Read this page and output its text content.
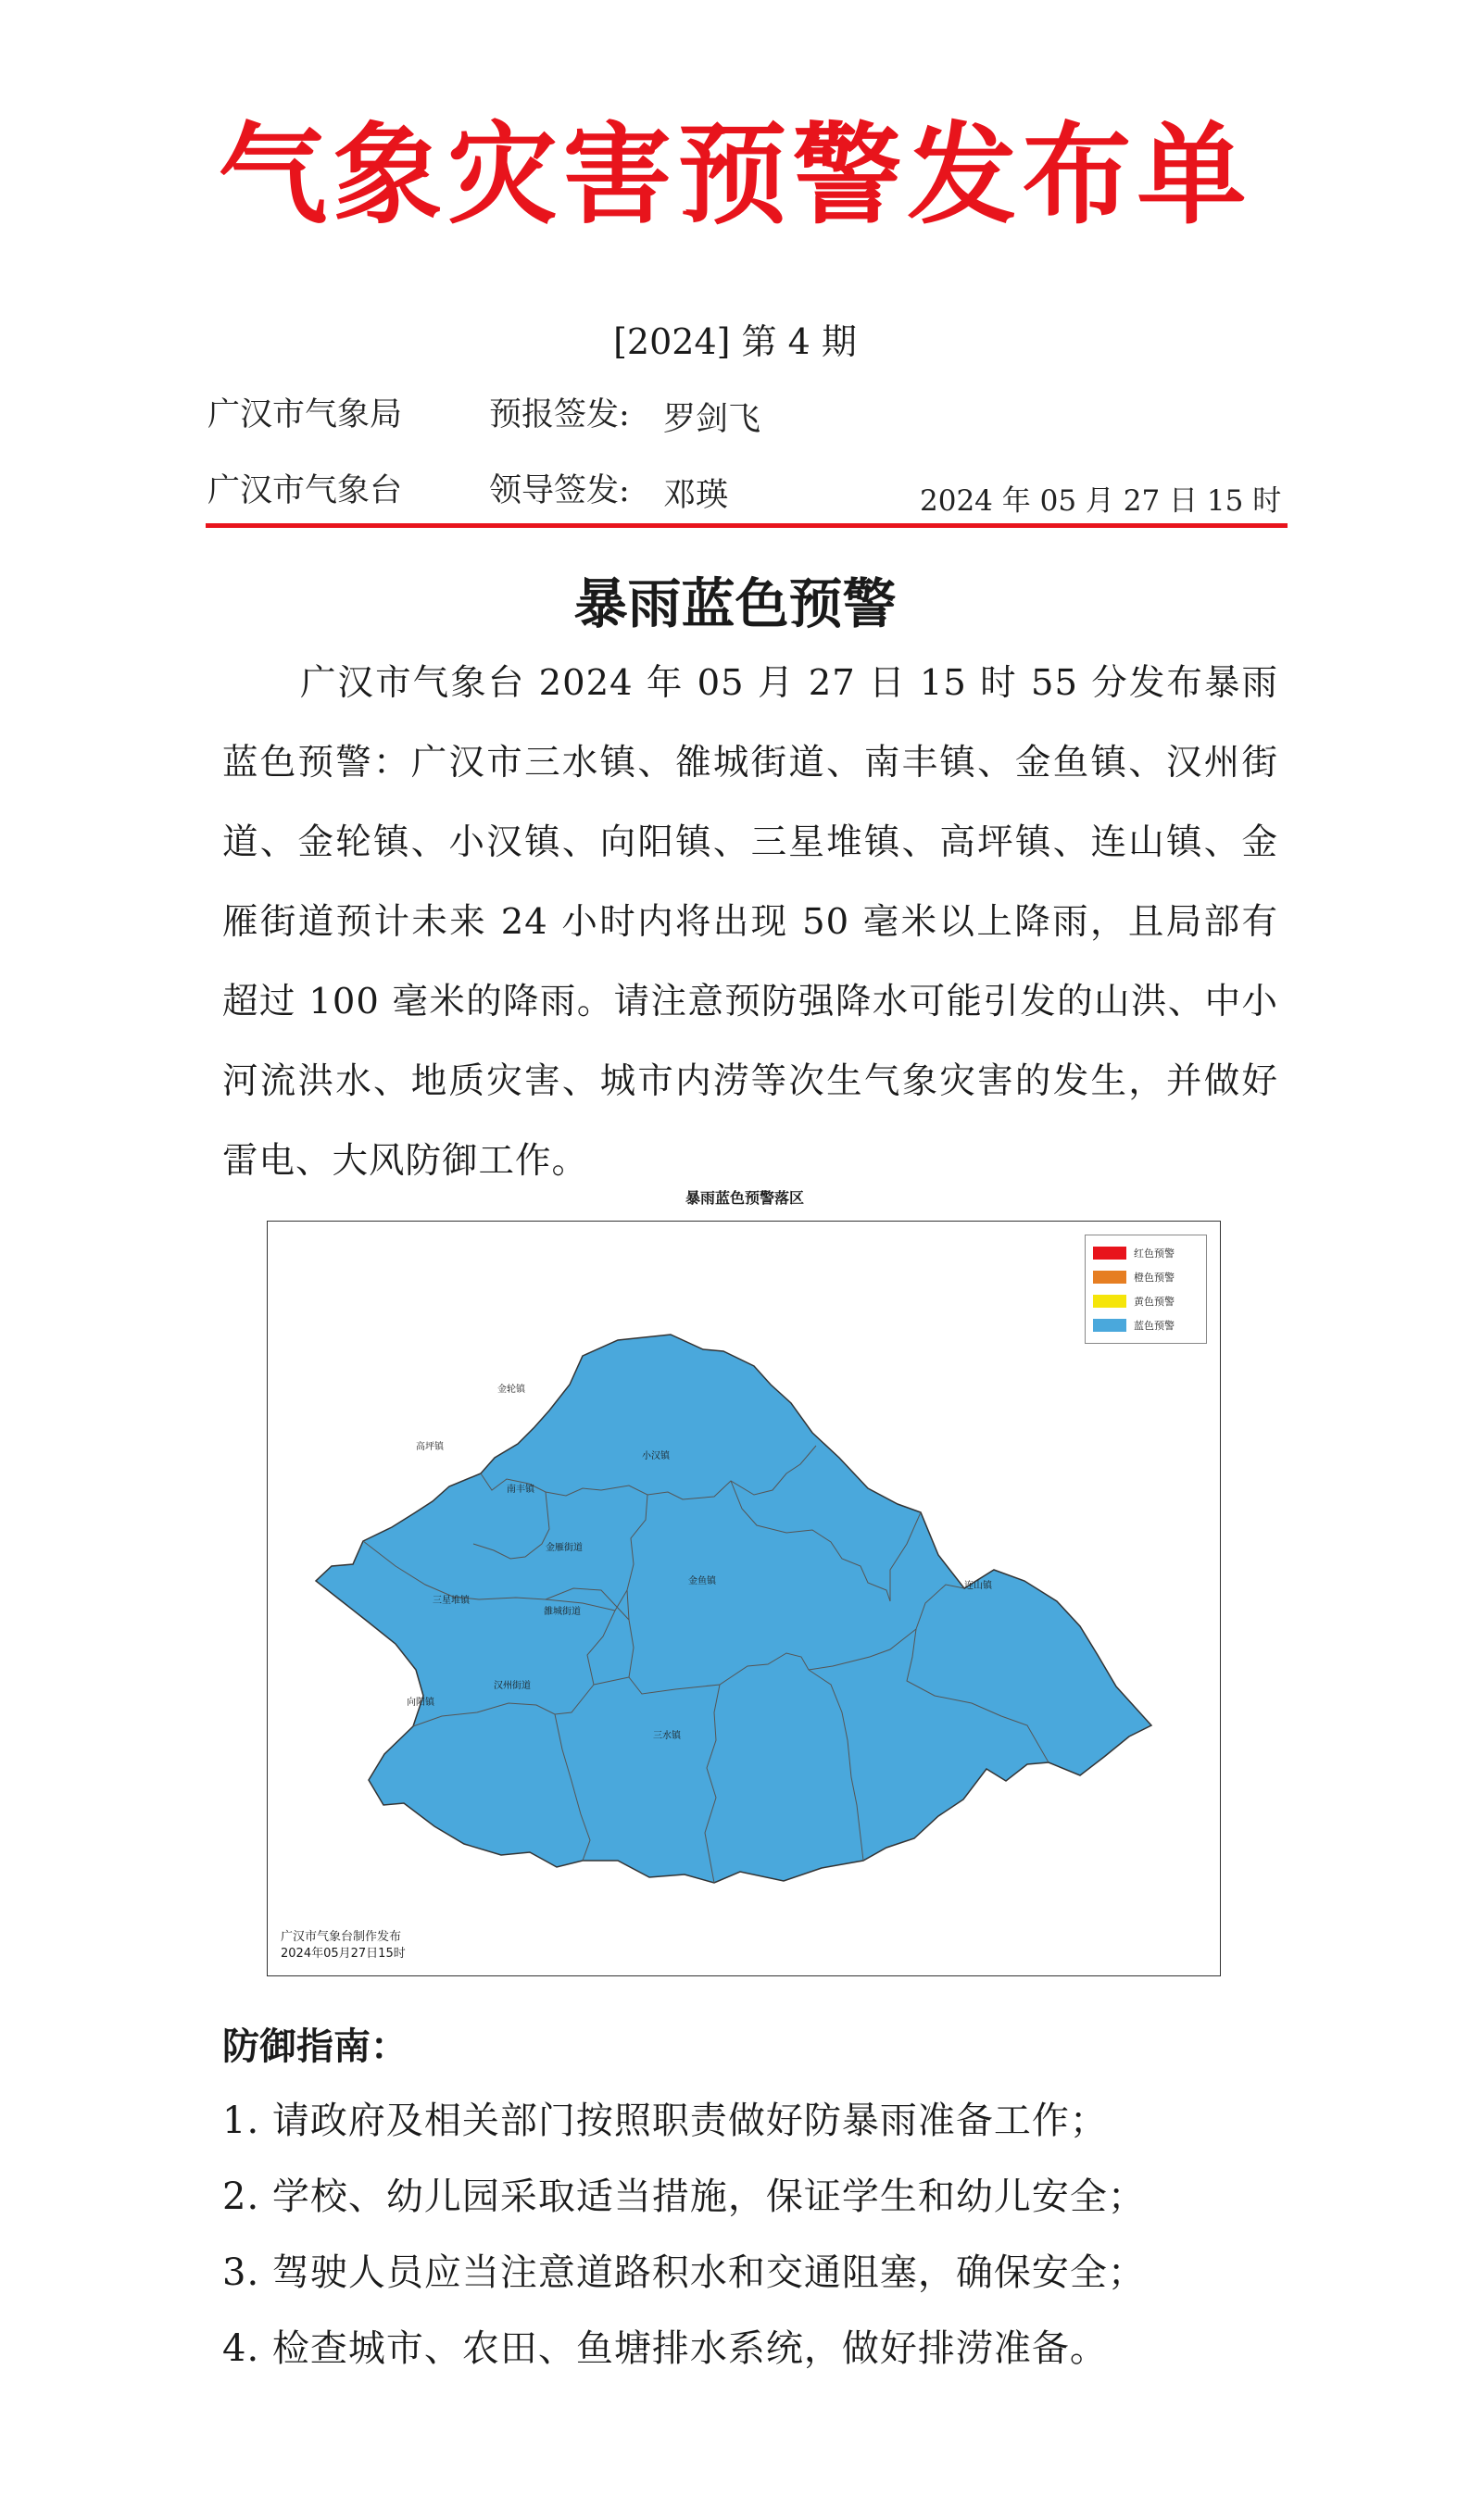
气象灾害预警发布单
[2024] 第 4 期
广汉市气象局	预报签发: 罗剑飞
广汉市气象台	领导签发: 邓瑛	2024 年 05 月 27 日 15 时
暴雨蓝色预警
广汉市气象台 2024 年 05 月 27 日 15 时 55 分发布暴雨蓝色预警：广汉市三水镇、雒城街道、南丰镇、金鱼镇、汉州街道、金轮镇、小汉镇、向阳镇、三星堆镇、高坪镇、连山镇、金雁街道预计未来 24 小时内将出现 50 毫米以上降雨，且局部有超过 100 毫米的降雨。请注意预防强降水可能引发的山洪、中小河流洪水、地质灾害、城市内涝等次生气象灾害的发生，并做好雷电、大风防御工作。
暴雨蓝色预警落区
金轮镇
高坪镇
小汉镇
南丰镇
金雁街道
金鱼镇	连山镇
三星堆镇
雒城街道
汉州街道
向阳镇
三水镇
红色预警
橙色预警
黄色预警
蓝色预警
广汉市气象台制作发布
2024年05月27日15时
防御指南：
1. 请政府及相关部门按照职责做好防暴雨准备工作；
2. 学校、幼儿园采取适当措施，保证学生和幼儿安全；
3. 驾驶人员应当注意道路积水和交通阻塞，确保安全；
4. 检查城市、农田、鱼塘排水系统，做好排涝准备。
